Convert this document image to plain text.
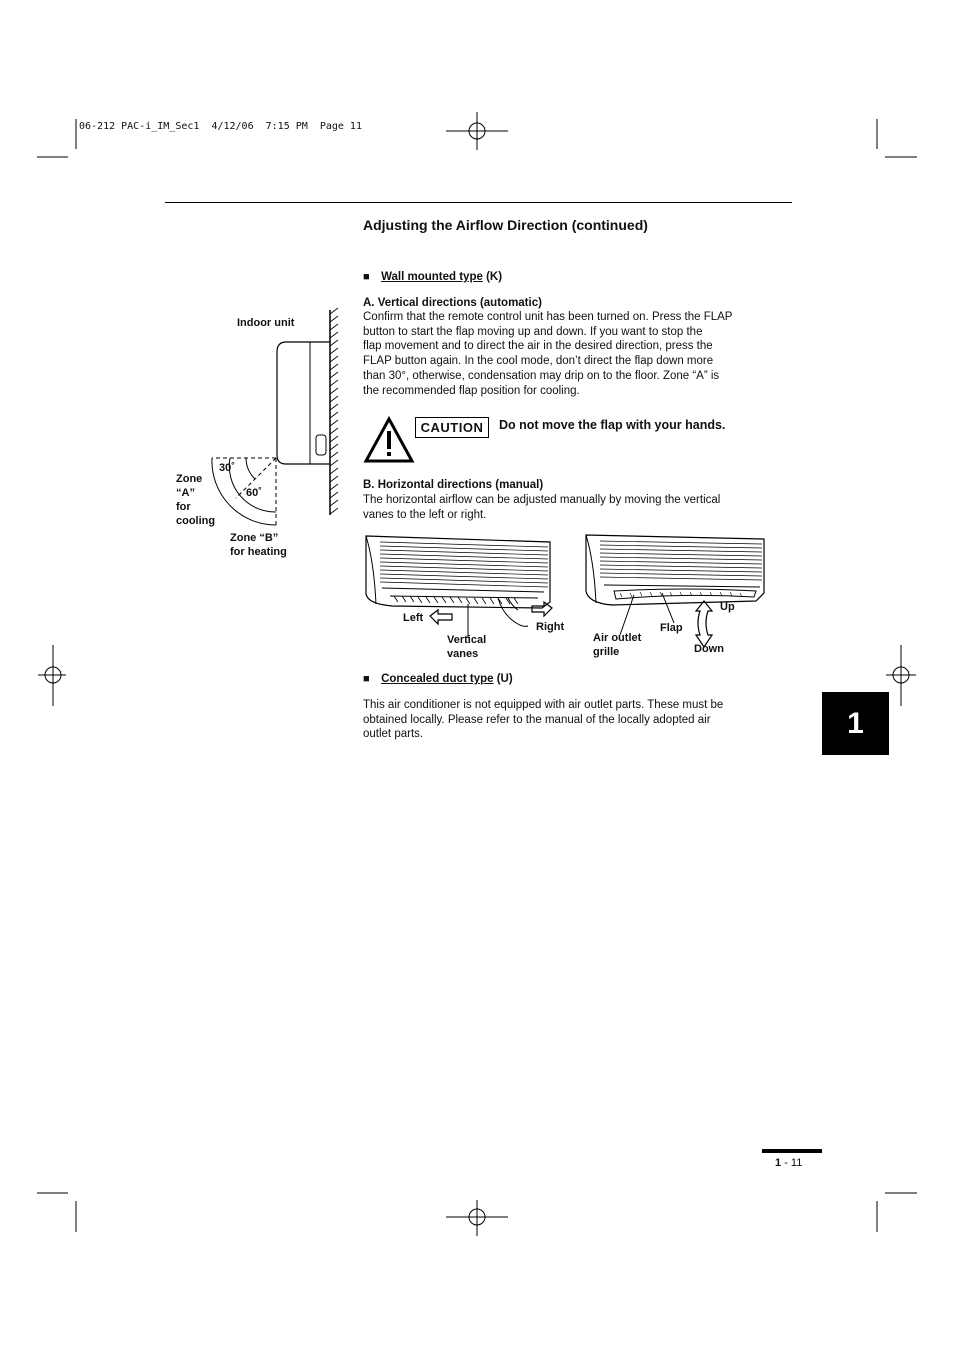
06-212 PAC-i_IM_Sec1  4/12/06  7:15 PM  Page 11
Adjusting the Airflow Direction (continued)
■ Wall mounted type (K)
A. Vertical directions (automatic)
Confirm that the remote control unit has been turned on. Press the FLAP
button to start the flap moving up and down. If you want to stop the
flap movement and to direct the air in the desired direction, press the
FLAP button again. In the cool mode, don’t direct the flap down more
than 30°, otherwise, condensation may drip on to the floor. Zone “A” is
the recommended flap position for cooling.
CAUTION	Do not move the flap with your hands.
B. Horizontal directions (manual)
The horizontal airflow can be adjusted manually by moving the vertical
vanes to the left or right.
■ Concealed duct type (U)
This air conditioner is not equipped with air outlet parts. These must be
obtained locally. Please refer to the manual of the locally adopted air
outlet parts.
Indoor unit
30˚
60˚
Zone
“A”
for
cooling
Zone “B”
for heating
Left
Right
Vertical
vanes
Air outlet
grille
Flap
Up
Down
1
1 - 11
